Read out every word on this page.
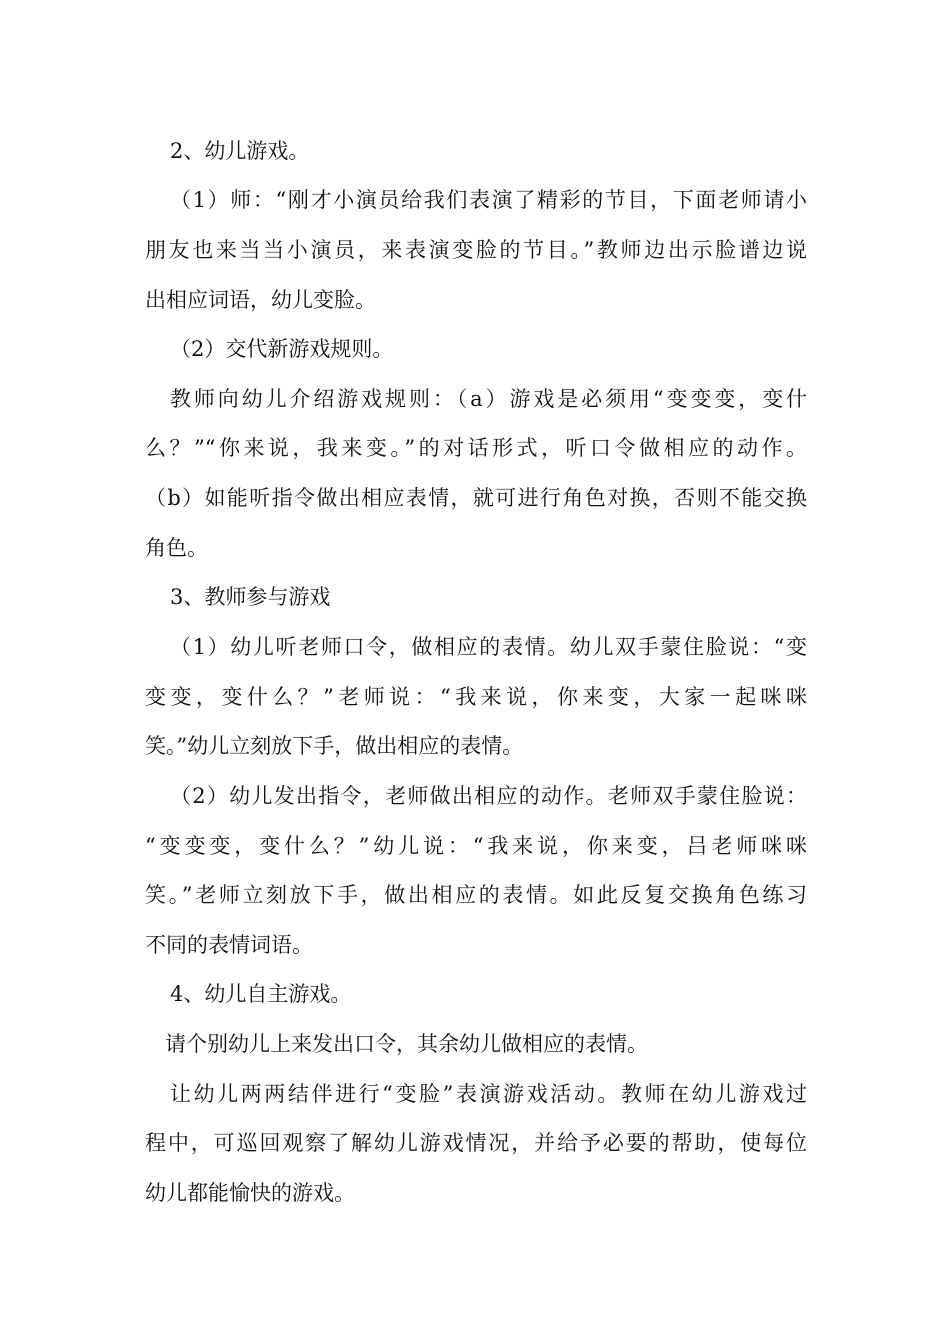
2、幼儿游戏。
（1）师：“刚才小演员给我们表演了精彩的节目，下面老师请小
朋友也来当当小演员，来表演变脸的节目。”教师边出示脸谱边说
出相应词语，幼儿变脸。
（2）交代新游戏规则。
教师向幼儿介绍游戏规则：（a）游戏是必须用“变变变，变什
么？”“你来说，我来变。”的对话形式，听口令做相应的动作。
（b）如能听指令做出相应表情，就可进行角色对换，否则不能交换
角色。
3、教师参与游戏
（1）幼儿听老师口令，做相应的表情。幼儿双手蒙住脸说：“变
变变，变什么？”老师说：“我来说，你来变，大家一起咪咪
笑。”幼儿立刻放下手，做出相应的表情。
（2）幼儿发出指令，老师做出相应的动作。老师双手蒙住脸说：
“变变变，变什么？”幼儿说：“我来说，你来变，吕老师咪咪
笑。”老师立刻放下手，做出相应的表情。如此反复交换角色练习
不同的表情词语。
4、幼儿自主游戏。
请个别幼儿上来发出口令，其余幼儿做相应的表情。
让幼儿两两结伴进行“变脸”表演游戏活动。教师在幼儿游戏过
程中，可巡回观察了解幼儿游戏情况，并给予必要的帮助，使每位
幼儿都能愉快的游戏。
